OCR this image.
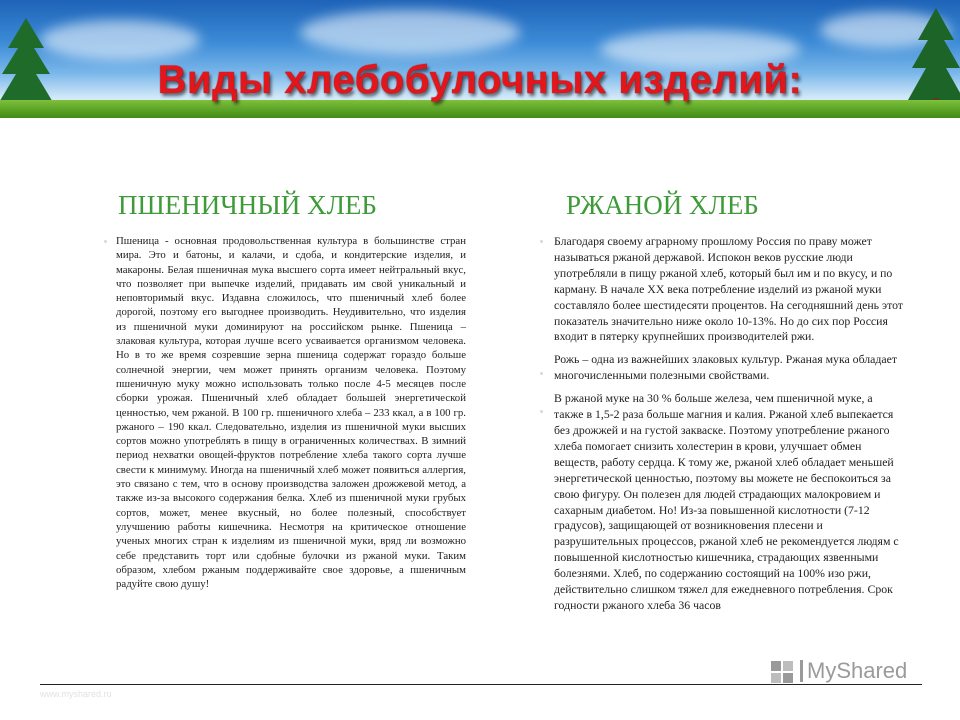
Виды хлебобулочных изделий:
ПШЕНИЧНЫЙ ХЛЕБ
Пшеница - основная продовольственная культура в большинстве стран мира. Это и батоны, и калачи, и сдоба, и кондитерские изделия, и макароны. Белая пшеничная мука высшего сорта имеет нейтральный вкус, что позволяет при выпечке изделий, придавать им свой уникальный и неповторимый вкус. Издавна сложилось, что пшеничный хлеб более дорогой, поэтому его выгоднее производить. Неудивительно, что изделия из пшеничной муки доминируют на российском рынке. Пшеница – злаковая культура, которая лучше всего усваивается организмом человека. Но в то же время созревшие зерна пшеница содержат гораздо больше солнечной энергии, чем может принять организм человека. Поэтому пшеничную муку можно использовать только после 4-5 месяцев после сборки урожая. Пшеничный хлеб обладает большей энергетической ценностью, чем ржаной. В 100 гр. пшеничного хлеба – 233 ккал, а в 100 гр. ржаного – 190 ккал. Следовательно, изделия из пшеничной муки высших сортов можно употреблять в пищу в ограниченных количествах. В зимний период нехватки овощей-фруктов потребление хлеба такого сорта лучше свести к минимуму. Иногда на пшеничный хлеб может появиться аллергия, это связано с тем, что в основу производства заложен дрожжевой метод, а также из-за высокого содержания белка. Хлеб из пшеничной муки грубых сортов, может, менее вкусный, но более полезный, способствует улучшению работы кишечника. Несмотря на критическое отношение ученых многих стран к изделиям из пшеничной муки, вряд ли возможно себе представить торт или сдобные булочки из ржаной муки. Таким образом, хлебом ржаным поддерживайте свое здоровье, а пшеничным радуйте свою душу!
РЖАНОЙ ХЛЕБ

Благодаря своему аграрному прошлому Россия по праву может называться ржаной державой. Испокон веков русские люди употребляли в пищу ржаной хлеб, который был им и по вкусу, и по карману. В начале XX века потребление изделий из ржаной муки составляло более шестидесяти процентов. На сегодняшний день этот показатель значительно ниже около 10-13%. Но до сих пор Россия входит в пятерку крупнейших производителей ржи.

Рожь – одна из важнейших злаковых культур. Ржаная мука обладает многочисленными полезными свойствами.

В ржаной муке на 30 % больше железа, чем пшеничной муке, а также в 1,5-2 раза больше магния и калия. Ржаной хлеб выпекается без дрожжей и на густой закваске. Поэтому употребление ржаного хлеба помогает снизить холестерин в крови, улучшает обмен веществ, работу сердца. К тому же, ржаной хлеб обладает меньшей энергетической ценностью, поэтому вы можете не беспокоиться за свою фигуру. Он полезен для людей страдающих малокровием и сахарным диабетом. Но! Из-за повышенной кислотности (7-12 градусов), защищающей от возникновения плесени и разрушительных процессов, ржаной хлеб не рекомендуется людям с повышенной кислотностью кишечника, страдающих язвенными болезнями. Хлеб, по содержанию состоящий на 100% изо ржи, действительно слишком тяжел для ежедневного потребления. Срок годности ржаного хлеба 36 часов

www.myshared.ru
MyShared
